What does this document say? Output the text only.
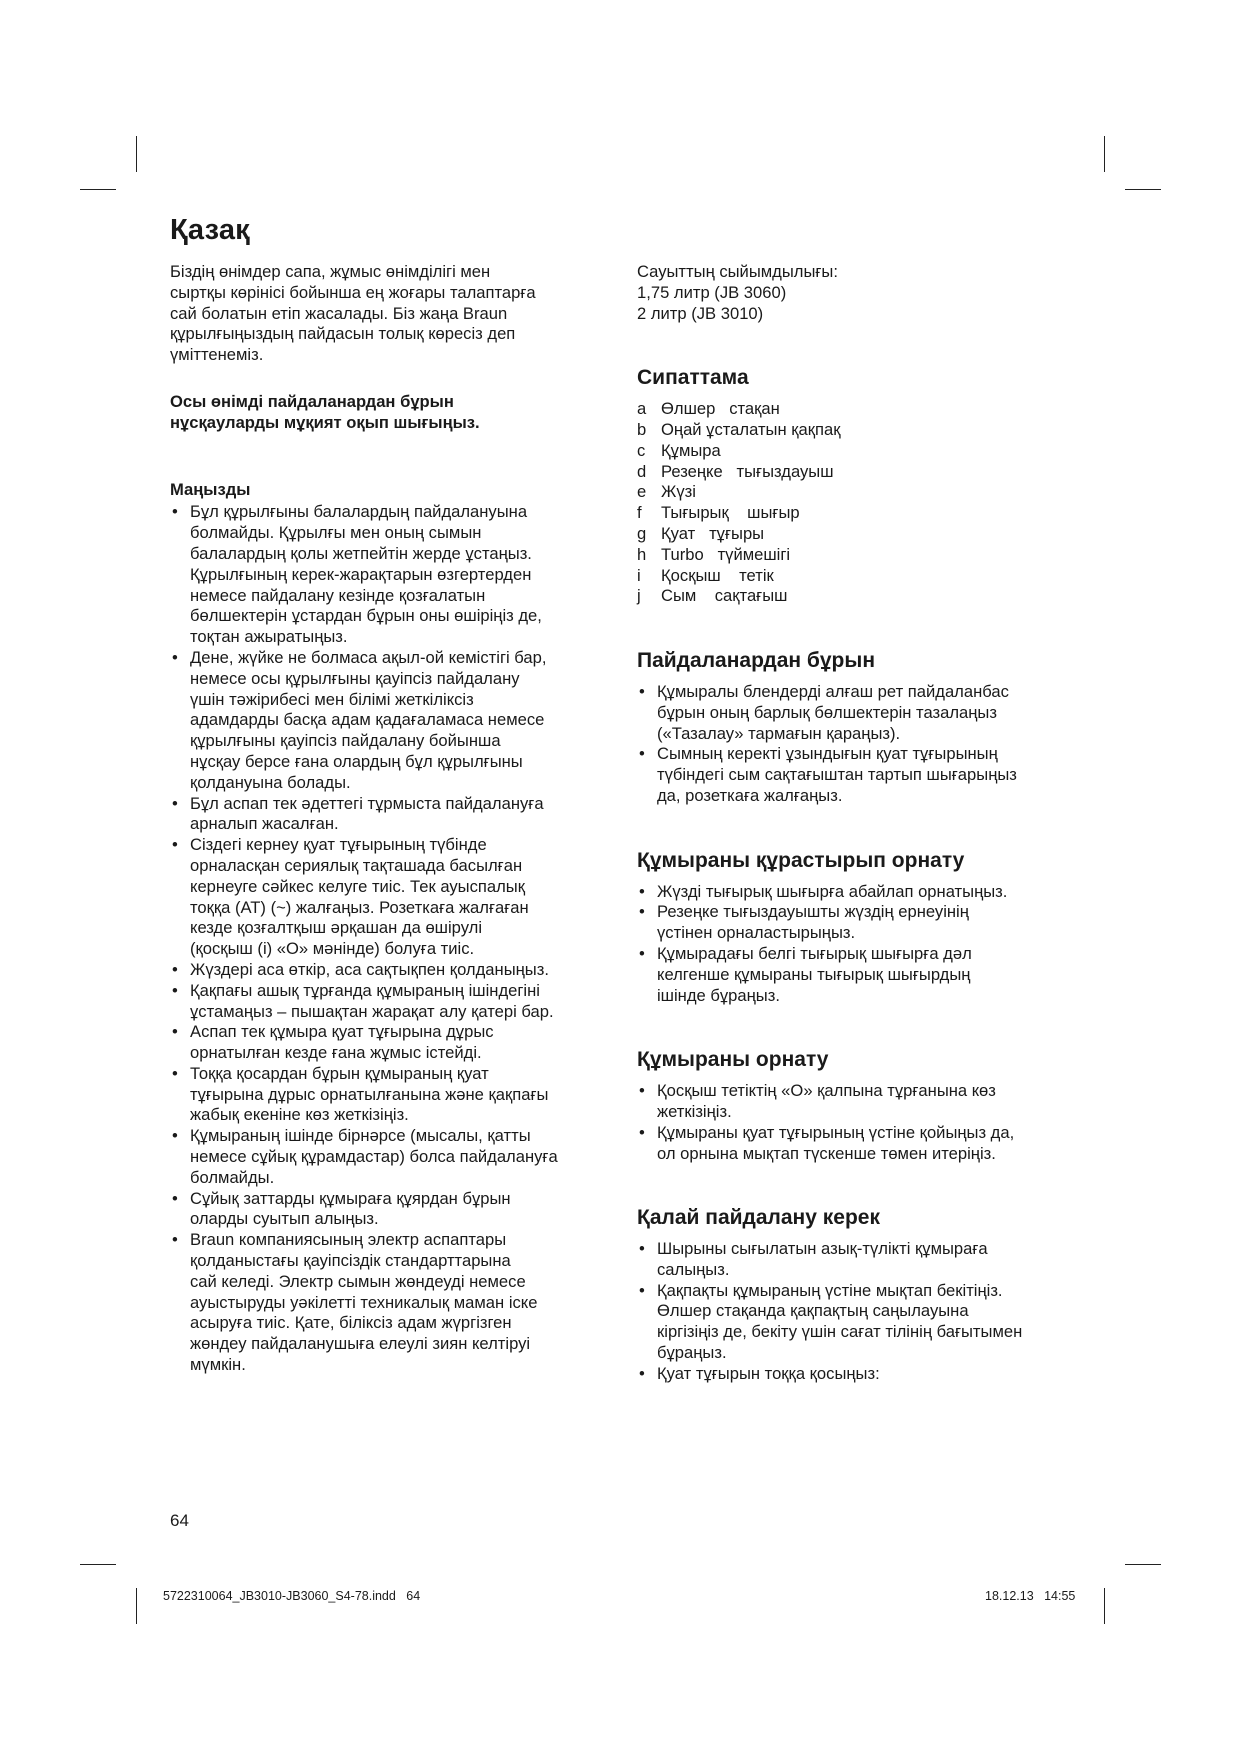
Қазақ

Біздің өнімдер сапа, жұмыс өнімділігі мен
сыртқы көрінісі бойынша ең жоғары талаптарға
сай болатын етіп жасалады. Біз жаңа Braun
құрылғыңыздың пайдасын толық көресіз деп
үміттенеміз.

Осы өнімді пайдаланардан бұрын
нұсқауларды мұқият оқып шығыңыз.

Маңызды
• Бұл құрылғыны балалардың пайдалануына
болмайды. Құрылғы мен оның сымын
балалардың қолы жетпейтін жерде ұстаңыз.
Құрылғының керек-жарақтарын өзгертерден
немесе пайдалану кезінде қозғалатын
бөлшектерін ұстардан бұрын оны өшіріңіз де,
тоқтан ажыратыңыз.
• Дене, жүйке не болмаса ақыл-ой кемістігі бар,
немесе осы құрылғыны қауіпсіз пайдалану
үшін тәжірибесі мен білімі жеткіліксіз
адамдарды басқа адам қадағаламаса немесе
құрылғыны қауіпсіз пайдалану бойынша
нұсқау берсе ғана олардың бұл құрылғыны
қолдануына болады.
• Бұл аспап тек әдеттегі тұрмыста пайдалануға
арналып жасалған.
• Сіздегі кернеу қуат тұғырының түбінде
орналасқан сериялық тақташада басылған
кернеуге сәйкес келуге тиіс. Тек ауыспалық
тоққа (АТ) (~) жалғаңыз. Розеткаға жалғаған
кезде қозғалтқыш әрқашан да өшірулі
(қосқыш (i) «O» мәнінде) болуға тиіс.
• Жүздері аса өткір, аса сақтықпен қолданыңыз.
• Қақпағы ашық тұрғанда құмыраның ішіндегіні
ұстамаңыз – пышақтан жарақат алу қатері бар.
• Аспап тек құмыра қуат тұғырына дұрыс
орнатылған кезде ғана жұмыс істейді.
• Тоққа қосардан бұрын құмыраның қуат
тұғырына дұрыс орнатылғанына және қақпағы
жабық екеніне көз жеткізіңіз.
• Құмыраның ішінде бірнәрсе (мысалы, қатты
немесе сұйық құрамдастар) болса пайдалануға
болмайды.
• Сұйық заттарды құмыраға құярдан бұрын
оларды суытып алыңыз.
• Braun компаниясының электр аспаптары
қолданыстағы қауіпсіздік стандарттарына
сай келеді. Электр сымын жөндеуді немесе
ауыстыруды уәкілетті техникалық маман іске
асыруға тиіс. Қате, біліксіз адам жүргізген
жөндеу пайдаланушыға елеулі зиян келтіруі
мүмкін.

Сауыттың сыйымдылығы:

1,75 литр (JB 3060)

2 литр (JB 3010)

Сипаттама
a Өлшер   стақан
b Оңай ұсталатын қақпақ
c Құмыра
d Резеңке   тығыздауыш
e Жүзі
f Тығырық    шығыр
g Қуат   тұғыры
h Turbo   түймешігі
i Қосқыш    тетік
j Сым    сақтағыш
Пайдаланардан бұрын
• Құмыралы блендерді алғаш рет пайдаланбас
бұрын оның барлық бөлшектерін тазалаңыз
(«Тазалау» тармағын қараңыз).
• Сымның керекті ұзындығын қуат тұғырының
түбіндегі сым сақтағыштан тартып шығарыңыз
да, розеткаға жалғаңыз.
Құмыраны құрастырып орнату
• Жүзді тығырық шығырға абайлап орнатыңыз.
• Резеңке тығыздауышты жүздің ернеуінің
үстінен орналастырыңыз.
• Құмырадағы белгі тығырық шығырға дәл
келгенше құмыраны тығырық шығырдың
ішінде бұраңыз.
Құмыраны орнату
• Қосқыш тетіктің «O» қалпына тұрғанына көз
жеткізіңіз.
• Құмыраны қуат тұғырының үстіне қойыңыз да,
ол орнына мықтап түскенше төмен итеріңіз.
Қалай пайдалану керек
• Шырыны сығылатын азық-түлікті құмыраға
салыңыз.
• Қақпақты құмыраның үстіне мықтап бекітіңіз.
Өлшер стақанда қақпақтың саңылауына
кіргізіңіз де, бекіту үшін сағат тілінің бағытымен
бұраңыз.
• Қуат тұғырын тоққа қосыңыз:
64
5722310064_JB3010-JB3060_S4-78.indd   64	18.12.13   14:55
